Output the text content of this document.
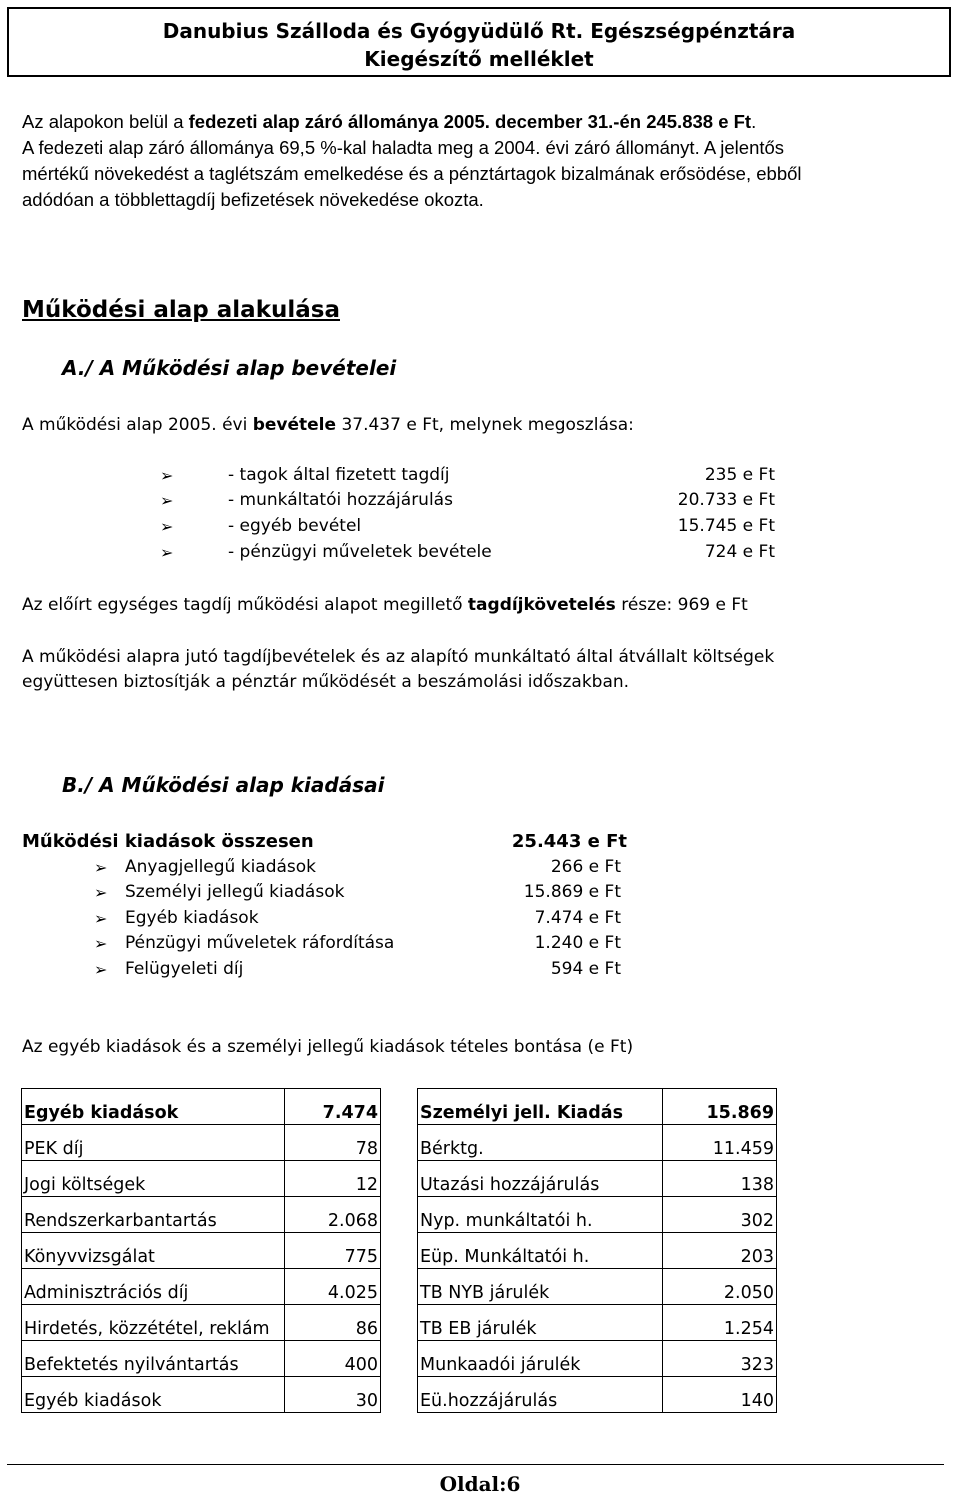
Danubius Szálloda és Gyógyüdülő Rt. Egészségpénztára
Kiegészítő melléklet
Az alapokon belül a fedezeti alap záró állománya 2005. december 31.-én 245.838 e Ft.
A fedezeti alap záró állománya 69,5 %-kal haladta meg a 2004. évi záró állományt. A jelentős
mértékű növekedést a taglétszám emelkedése és a pénztártagok bizalmának erősödése, ebből
adódóan a többlettagdíj befizetések növekedése okozta.
Működési alap alakulása
A./ A Működési alap bevételei
A működési alap 2005. évi bevétele 37.437 e Ft, melynek megoszlása:
➢	- tagok által fizetett tagdíj	235 e Ft
➢	- munkáltatói hozzájárulás	20.733 e Ft
➢	- egyéb bevétel	15.745 e Ft
➢	- pénzügyi műveletek bevétele	724 e Ft
Az előírt egységes tagdíj működési alapot megillető tagdíjkövetelés része: 969 e Ft
A működési alapra jutó tagdíjbevételek és az alapító munkáltató által átvállalt költségek
együttesen biztosítják a pénztár működését a beszámolási időszakban.
B./ A Működési alap kiadásai
Működési kiadások összesen	25.443 e Ft
➢ Anyagjellegű kiadások	266 e Ft
➢ Személyi jellegű kiadások	15.869 e Ft
➢ Egyéb kiadások	7.474 e Ft
➢ Pénzügyi műveletek ráfordítása	1.240 e Ft
➢ Felügyeleti díj	594 e Ft
Az egyéb kiadások és a személyi jellegű kiadások tételes bontása (e Ft)
Egyéb kiadások	7.474
PEK díj	78
Jogi költségek	12
Rendszerkarbantartás	2.068
Könyvvizsgálat	775
Adminisztrációs díj	4.025
Hirdetés, közzététel, reklám	86
Befektetés nyilvántartás	400
Egyéb kiadások	30
Személyi jell. Kiadás	15.869
Bérktg.	11.459
Utazási hozzájárulás	138
Nyp. munkáltatói h.	302
Eüp. Munkáltatói h.	203
TB NYB járulék	2.050
TB EB járulék	1.254
Munkaadói járulék	323
Eü.hozzájárulás	140
Oldal:6
